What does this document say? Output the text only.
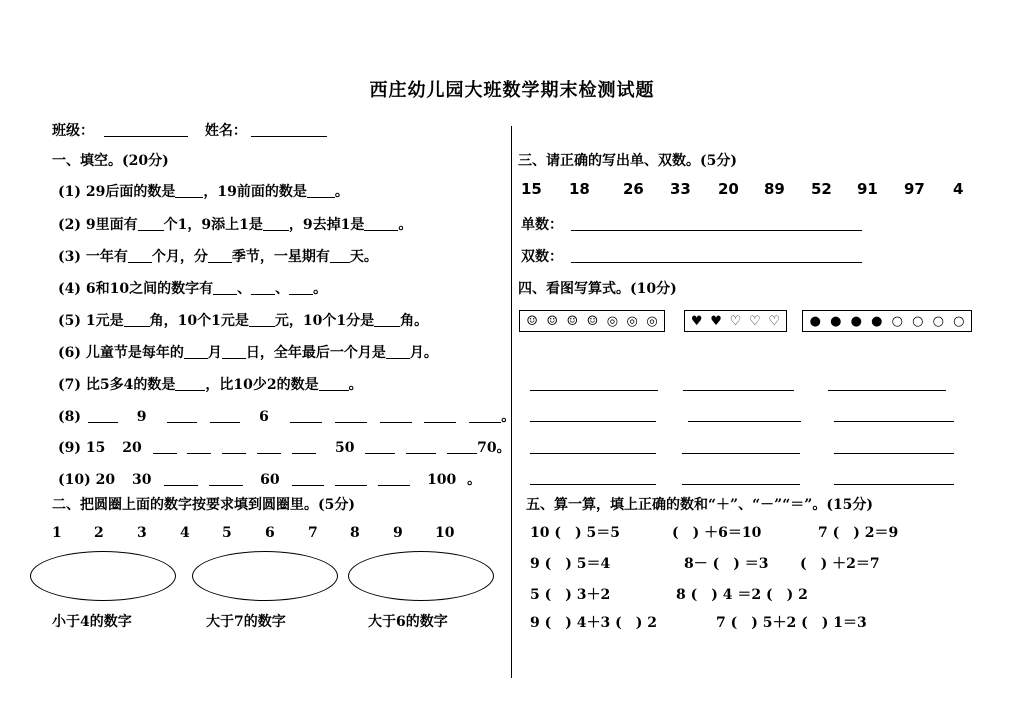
西庄幼儿园大班数学期末检测试题
班级：	姓名：
一、填空。(20分)
(1) 29后面的数是 ，19前面的数是 。
(2) 9里面有 个1，9添上1是 ，9去掉1是 。
(3) 一年有 个月，分 季节，一星期有 天。
(4) 6和10之间的数字有 、 、 。
(5) 1元是 角，10个1元是 元，10个1分是 角。
(6) 儿童节是每年的 月 日，全年最后一个月是 月。
(7) 比5多4的数是 ，比10少2的数是 。
(8)	9	6	。
(9) 15 20	50	70。
(10) 20 30	60	100 。
二、把圆圈上面的数字按要求填到圆圈里。(5分)
1 2 3 4 5 6 7 8 9 10
小于4的数字	大于7的数字	大于6的数字
三、请正确的写出单、双数。(5分)
15 18 26 33 20 89 52 91 97 4
单数：
双数：
四、看图写算式。(10分)
☺ ☺ ☺ ☺ ◎ ◎ ◎	♥ ♥ ♡ ♡ ♡ ● ● ● ● ○ ○ ○ ○
五、算一算，填上正确的数和“＋”、“－”“＝”。(15分)
10 (　) 5＝5	(　) ＋6＝10	7 (　) 2＝9
9 (　) 5＝4	8－ (　) ＝3 (　) ＋2＝7
5 (　) 3＋2	8 (　) 4 ＝2 (　) 2
9 (　) 4＋3 (　) 2	7 (　) 5＋2 (　) 1＝3
